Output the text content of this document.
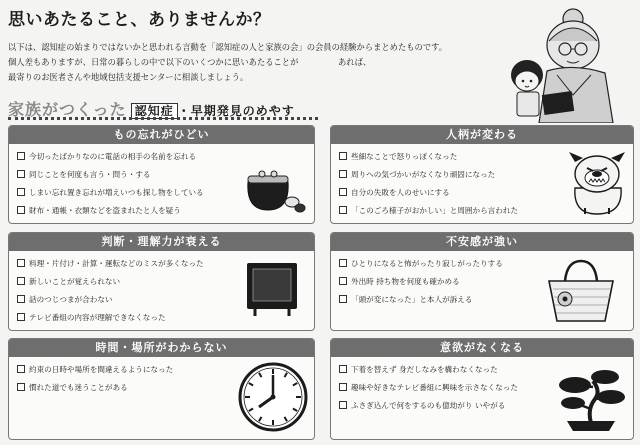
思いあたること、ありませんか？
以下は、認知症の始まりではないかと思われる言動を「認知症の人と家族の会」の会員の経験からまとめたものです。
個人差もありますが、日常の暮らしの中で以下のいくつかに思いあたることが	あれば、
最寄りのお医者さんや地域包括支援センターに相談しましょう。
家族がつくった 認知症 ・早期発見のめやす
もの忘れがひどい
今切ったばかりなのに電話の相手の名前を忘れる
同じことを何度も言う・問う・する
しまい忘れ置き忘れが増えいつも探し物をしている
財布・通帳・衣類などを盗まれたと人を疑う
判断・理解力が衰える
料理・片付け・計算・運転などのミスが多くなった
新しいことが覚えられない
話のつじつまが合わない
テレビ番組の内容が理解できなくなった
時間・場所がわからない
約束の日時や場所を間違えるようになった
慣れた道でも迷うことがある
人柄が変わる
些細なことで怒りっぽくなった
周りへの気づかいがなくなり頑固になった
自分の失敗を人のせいにする
「このごろ様子がおかしい」と周囲から言われた
不安感が強い
ひとりになると怖がったり寂しがったりする
外出時 持ち物を何度も確かめる
「頭が変になった」と本人が訴える
意欲がなくなる
下着を替えず 身だしなみを構わなくなった
趣味や好きなテレビ番組に興味を示さなくなった
ふさぎ込んで何をするのも億劫がり いやがる
